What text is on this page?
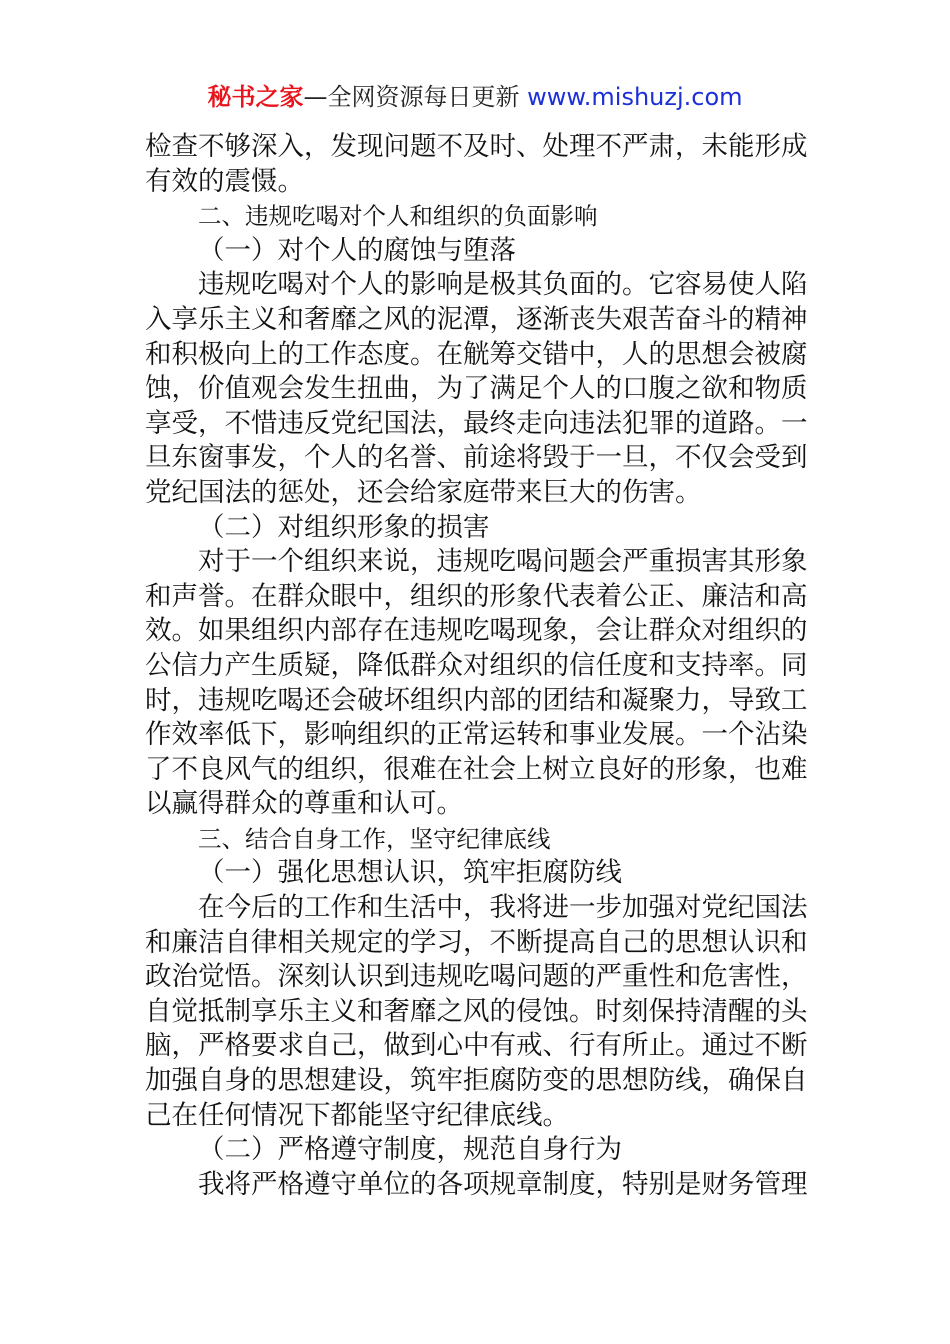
秘书之家—全网资源每日更新 www.mishuzj.com

检查不够深入，发现问题不及时、处理不严肃，未能形成有效的震慑。

二、违规吃喝对个人和组织的负面影响

（一）对个人的腐蚀与堕落

违规吃喝对个人的影响是极其负面的。它容易使人陷入享乐主义和奢靡之风的泥潭，逐渐丧失艰苦奋斗的精神和积极向上的工作态度。在觥筹交错中，人的思想会被腐蚀，价值观会发生扭曲，为了满足个人的口腹之欲和物质享受，不惜违反党纪国法，最终走向违法犯罪的道路。一旦东窗事发，个人的名誉、前途将毁于一旦，不仅会受到党纪国法的惩处，还会给家庭带来巨大的伤害。

（二）对组织形象的损害

对于一个组织来说，违规吃喝问题会严重损害其形象和声誉。在群众眼中，组织的形象代表着公正、廉洁和高效。如果组织内部存在违规吃喝现象，会让群众对组织的公信力产生质疑，降低群众对组织的信任度和支持率。同时，违规吃喝还会破坏组织内部的团结和凝聚力，导致工作效率低下，影响组织的正常运转和事业发展。一个沾染了不良风气的组织，很难在社会上树立良好的形象，也难以赢得群众的尊重和认可。

三、结合自身工作，坚守纪律底线

（一）强化思想认识，筑牢拒腐防线

在今后的工作和生活中，我将进一步加强对党纪国法和廉洁自律相关规定的学习，不断提高自己的思想认识和政治觉悟。深刻认识到违规吃喝问题的严重性和危害性，自觉抵制享乐主义和奢靡之风的侵蚀。时刻保持清醒的头脑，严格要求自己，做到心中有戒、行有所止。通过不断加强自身的思想建设，筑牢拒腐防变的思想防线，确保自己在任何情况下都能坚守纪律底线。

（二）严格遵守制度，规范自身行为

我将严格遵守单位的各项规章制度，特别是财务管理
